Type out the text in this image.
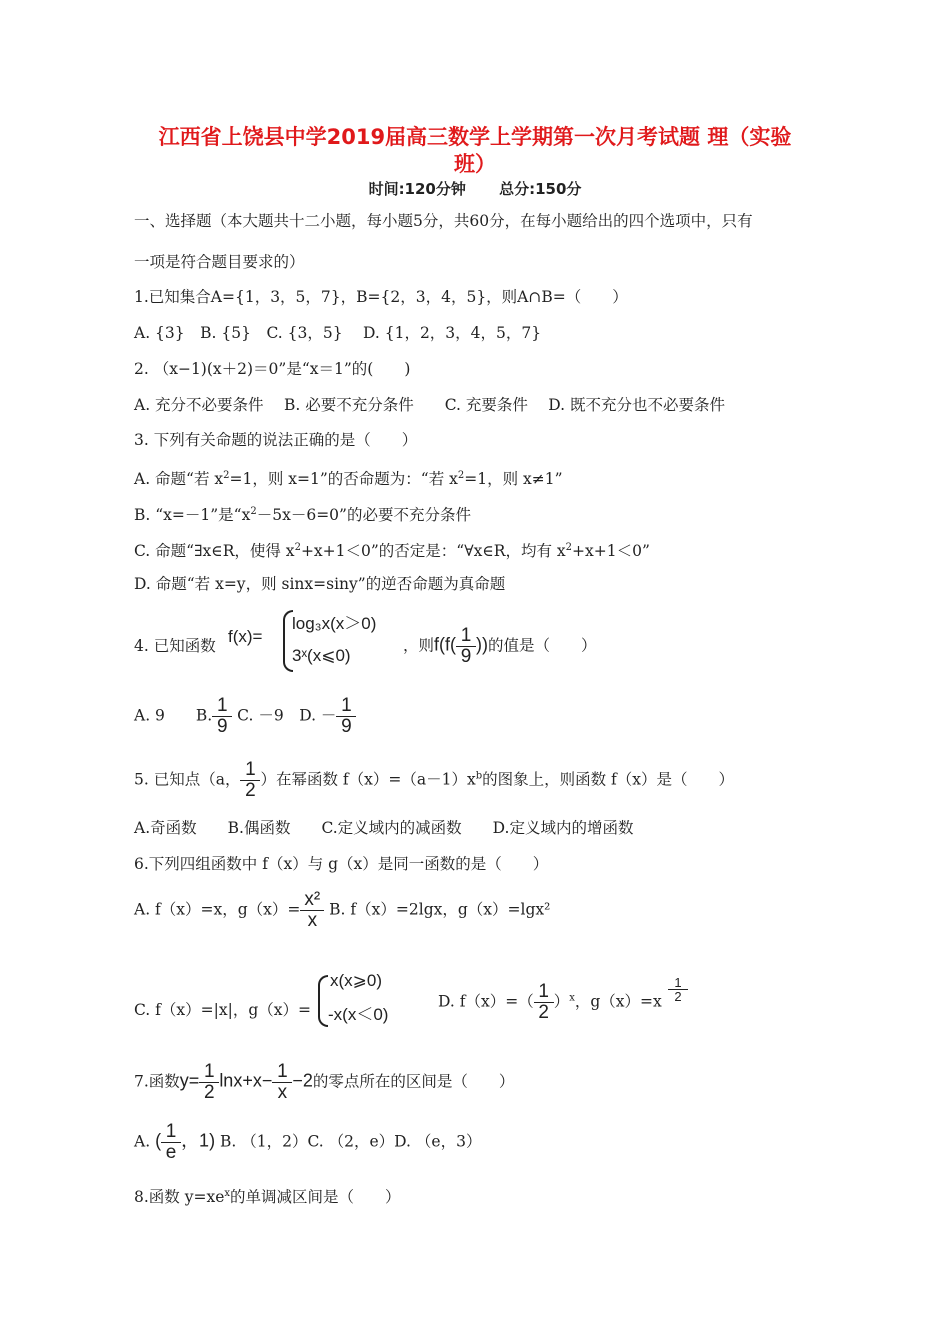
江西省上饶县中学2019届高三数学上学期第一次月考试题 理（实验
班）
时间:120分钟 总分:150分
一、选择题（本大题共十二小题，每小题5分，共60分，在每小题给出的四个选项中，只有
一项是符合题目要求的）
1.已知集合A={1，3，5，7}，B={2，3，4，5}，则A∩B=（　　）
A. {3}　B. {5}　C. {3，5}　 D. {1，2，3，4，5，7}
2. （x−1)(x＋2)＝0”是“x＝1”的(　　)
A. 充分不必要条件　 B. 必要不充分条件　　C. 充要条件　 D. 既不充分也不必要条件
3. 下列有关命题的说法正确的是（　　）
A. 命题“若 $x^2=1$，则 x=1”的否命题为：“若 $x^2=1$，则 x≠1”
B. “x=－1”是“$x^2-5x-6=0$”的必要不充分条件
C. 命题“∃x∈R，使得 $x^2+x+1<0$”的否定是：“∀x∈R，均有 $x^2+x+1<0$”
D. 命题“若 x=y，则 sinx=siny”的逆否命题为真命题
4. 已知函数 f(x)=
log₃x(x＞0)
3ˣ(x⩽0)
，则$f(f( \frac{1}{9}$ ))的值是（　　）
A. 9　　B. $\frac{1}{9} C$. －9　D. － $\frac{1}{9}$
5. 已知点（a， $\frac{1}{2}$ ）在幂函数 $f(x)=(a-1)x^b$的图象上，则函数 f（x）是（　　）
A.奇函数　　B.偶函数　　C.定义域内的减函数　　D.定义域内的增函数
6.下列四组函数中 f（x）与 g（x）是同一函数的是（　　）
A. f（x）=x，$g(x)= \frac{\text{x²}}{x} B$. f（x）=2lgx，g（x）=lgx²
C. f（x）=|x|，g（x）=
x(x⩾0)
-x(x＜0)
D. $f(x)=( \frac{1}{2} )^x$，$g(x)=x \frac{1}{2}$
7.函数$y= \frac{1}{2} \ln x+x- \frac{1}{x} -2$的零点所在的区间是（　　）
A. ( $\frac{1}{e}$ ，1) B. （1，2）C. （2，e）D. （e，3）
8.函数 $y=xe^x$的单调减区间是（　　）
